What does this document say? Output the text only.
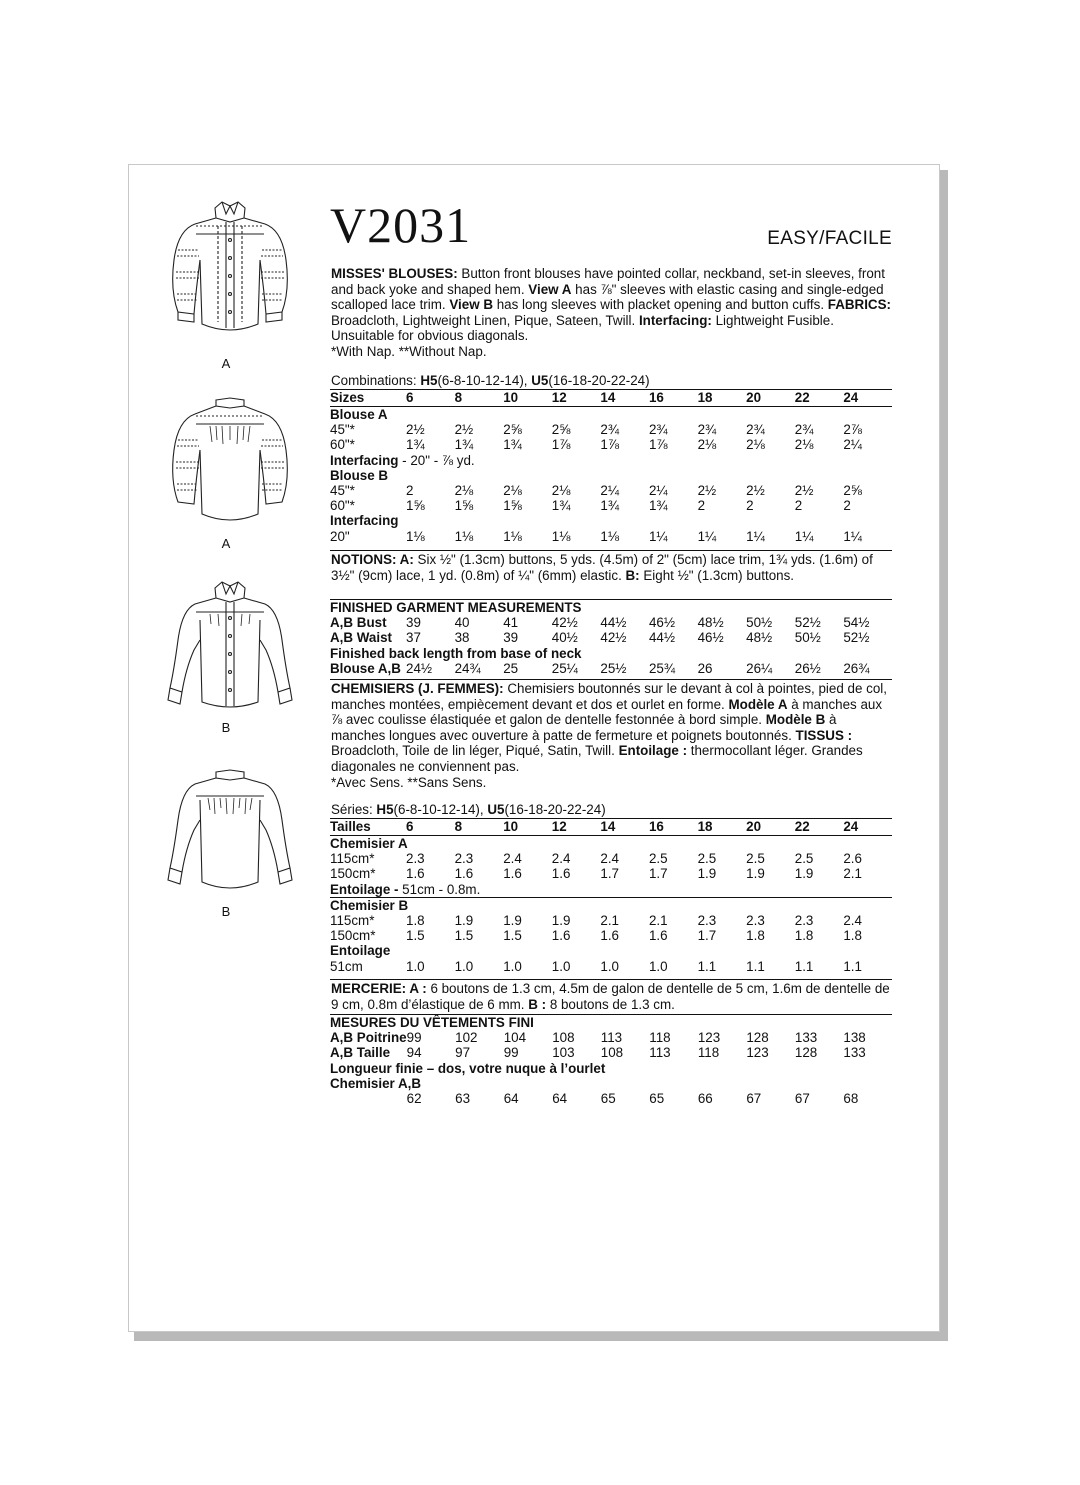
A
A
B
B
V2031	EASY/FACILE

MISSES' BLOUSES: Button front blouses have pointed collar, neckband, set-in sleeves, front and back yoke and shaped hem. View A has ⅞" sleeves with elastic casing and single-edged scalloped lace trim. View B has long sleeves with placket opening and button cuffs. FABRICS: Broadcloth, Lightweight Linen, Pique, Sateen, Twill. Interfacing: Lightweight Fusible. Unsuitable for obvious diagonals.
*With Nap. **Without Nap.

Combinations: H5(6-8-10-12-14), U5(16-18-20-22-24)
Sizes	6	8	10	12	14	16	18	20	22	24
Blouse A										
45"*	2½	2½	2⅝	2⅝	2¾	2¾	2¾	2¾	2¾	2⅞
60"*	1¾	1¾	1¾	1⅞	1⅞	1⅞	2⅛	2⅛	2⅛	2¼
Interfacing - 20" - ⅞ yd.										
Blouse B										
45"*	2	2⅛	2⅛	2⅛	2¼	2¼	2½	2½	2½	2⅝
60"*	1⅝	1⅝	1⅝	1¾	1¾	1¾	2	2	2	2
Interfacing										
20"	1⅛	1⅛	1⅛	1⅛	1⅛	1¼	1¼	1¼	1¼	1¼

NOTIONS: A: Six ½" (1.3cm) buttons, 5 yds. (4.5m) of 2" (5cm) lace trim, 1¾ yds. (1.6m) of 3½" (9cm) lace, 1 yd. (0.8m) of ¼" (6mm) elastic. B: Eight ½" (1.3cm) buttons.

FINISHED GARMENT MEASUREMENTS										
A,B Bust	39	40	41	42½	44½	46½	48½	50½	52½	54½
A,B Waist	37	38	39	40½	42½	44½	46½	48½	50½	52½
Finished back length from base of neck										
Blouse A,B	24½	24¾	25	25¼	25½	25¾	26	26¼	26½	26¾

CHEMISIERS (J. FEMMES): Chemisiers boutonnés sur le devant à col à pointes, pied de col, manches montées, empiècement devant et dos et ourlet en forme. Modèle A à manches aux ⅞ avec coulisse élastiquée et galon de dentelle festonnée à bord simple. Modèle B à manches longues avec ouverture à patte de fermeture et poignets boutonnés. TISSUS : Broadcloth, Toile de lin léger, Piqué, Satin, Twill. Entoilage : thermocollant léger. Grandes diagonales ne conviennent pas.
*Avec Sens. **Sans Sens.

Séries: H5(6-8-10-12-14), U5(16-18-20-22-24)
Tailles	6	8	10	12	14	16	18	20	22	24
Chemisier A										
115cm*	2.3	2.3	2.4	2.4	2.4	2.5	2.5	2.5	2.5	2.6
150cm*	1.6	1.6	1.6	1.6	1.7	1.7	1.9	1.9	1.9	2.1
Entoilage - 51cm - 0.8m.										
Chemisier B										
115cm*	1.8	1.9	1.9	1.9	2.1	2.1	2.3	2.3	2.3	2.4
150cm*	1.5	1.5	1.5	1.6	1.6	1.6	1.7	1.8	1.8	1.8
Entoilage										
51cm	1.0	1.0	1.0	1.0	1.0	1.0	1.1	1.1	1.1	1.1

MERCERIE: A : 6 boutons de 1.3 cm, 4.5m de galon de dentelle de 5 cm, 1.6m de dentelle de 9 cm, 0.8m d’élastique de 6 mm. B : 8 boutons de 1.3 cm.

MESURES DU VÊTEMENTS FINI										
A,B Poitrine	99	102	104	108	113	118	123	128	133	138
A,B Taille	94	97	99	103	108	113	118	123	128	133
Longueur finie – dos, votre nuque à l’ourlet										
Chemisier A,B										
	62	63	64	64	65	65	66	67	67	68
